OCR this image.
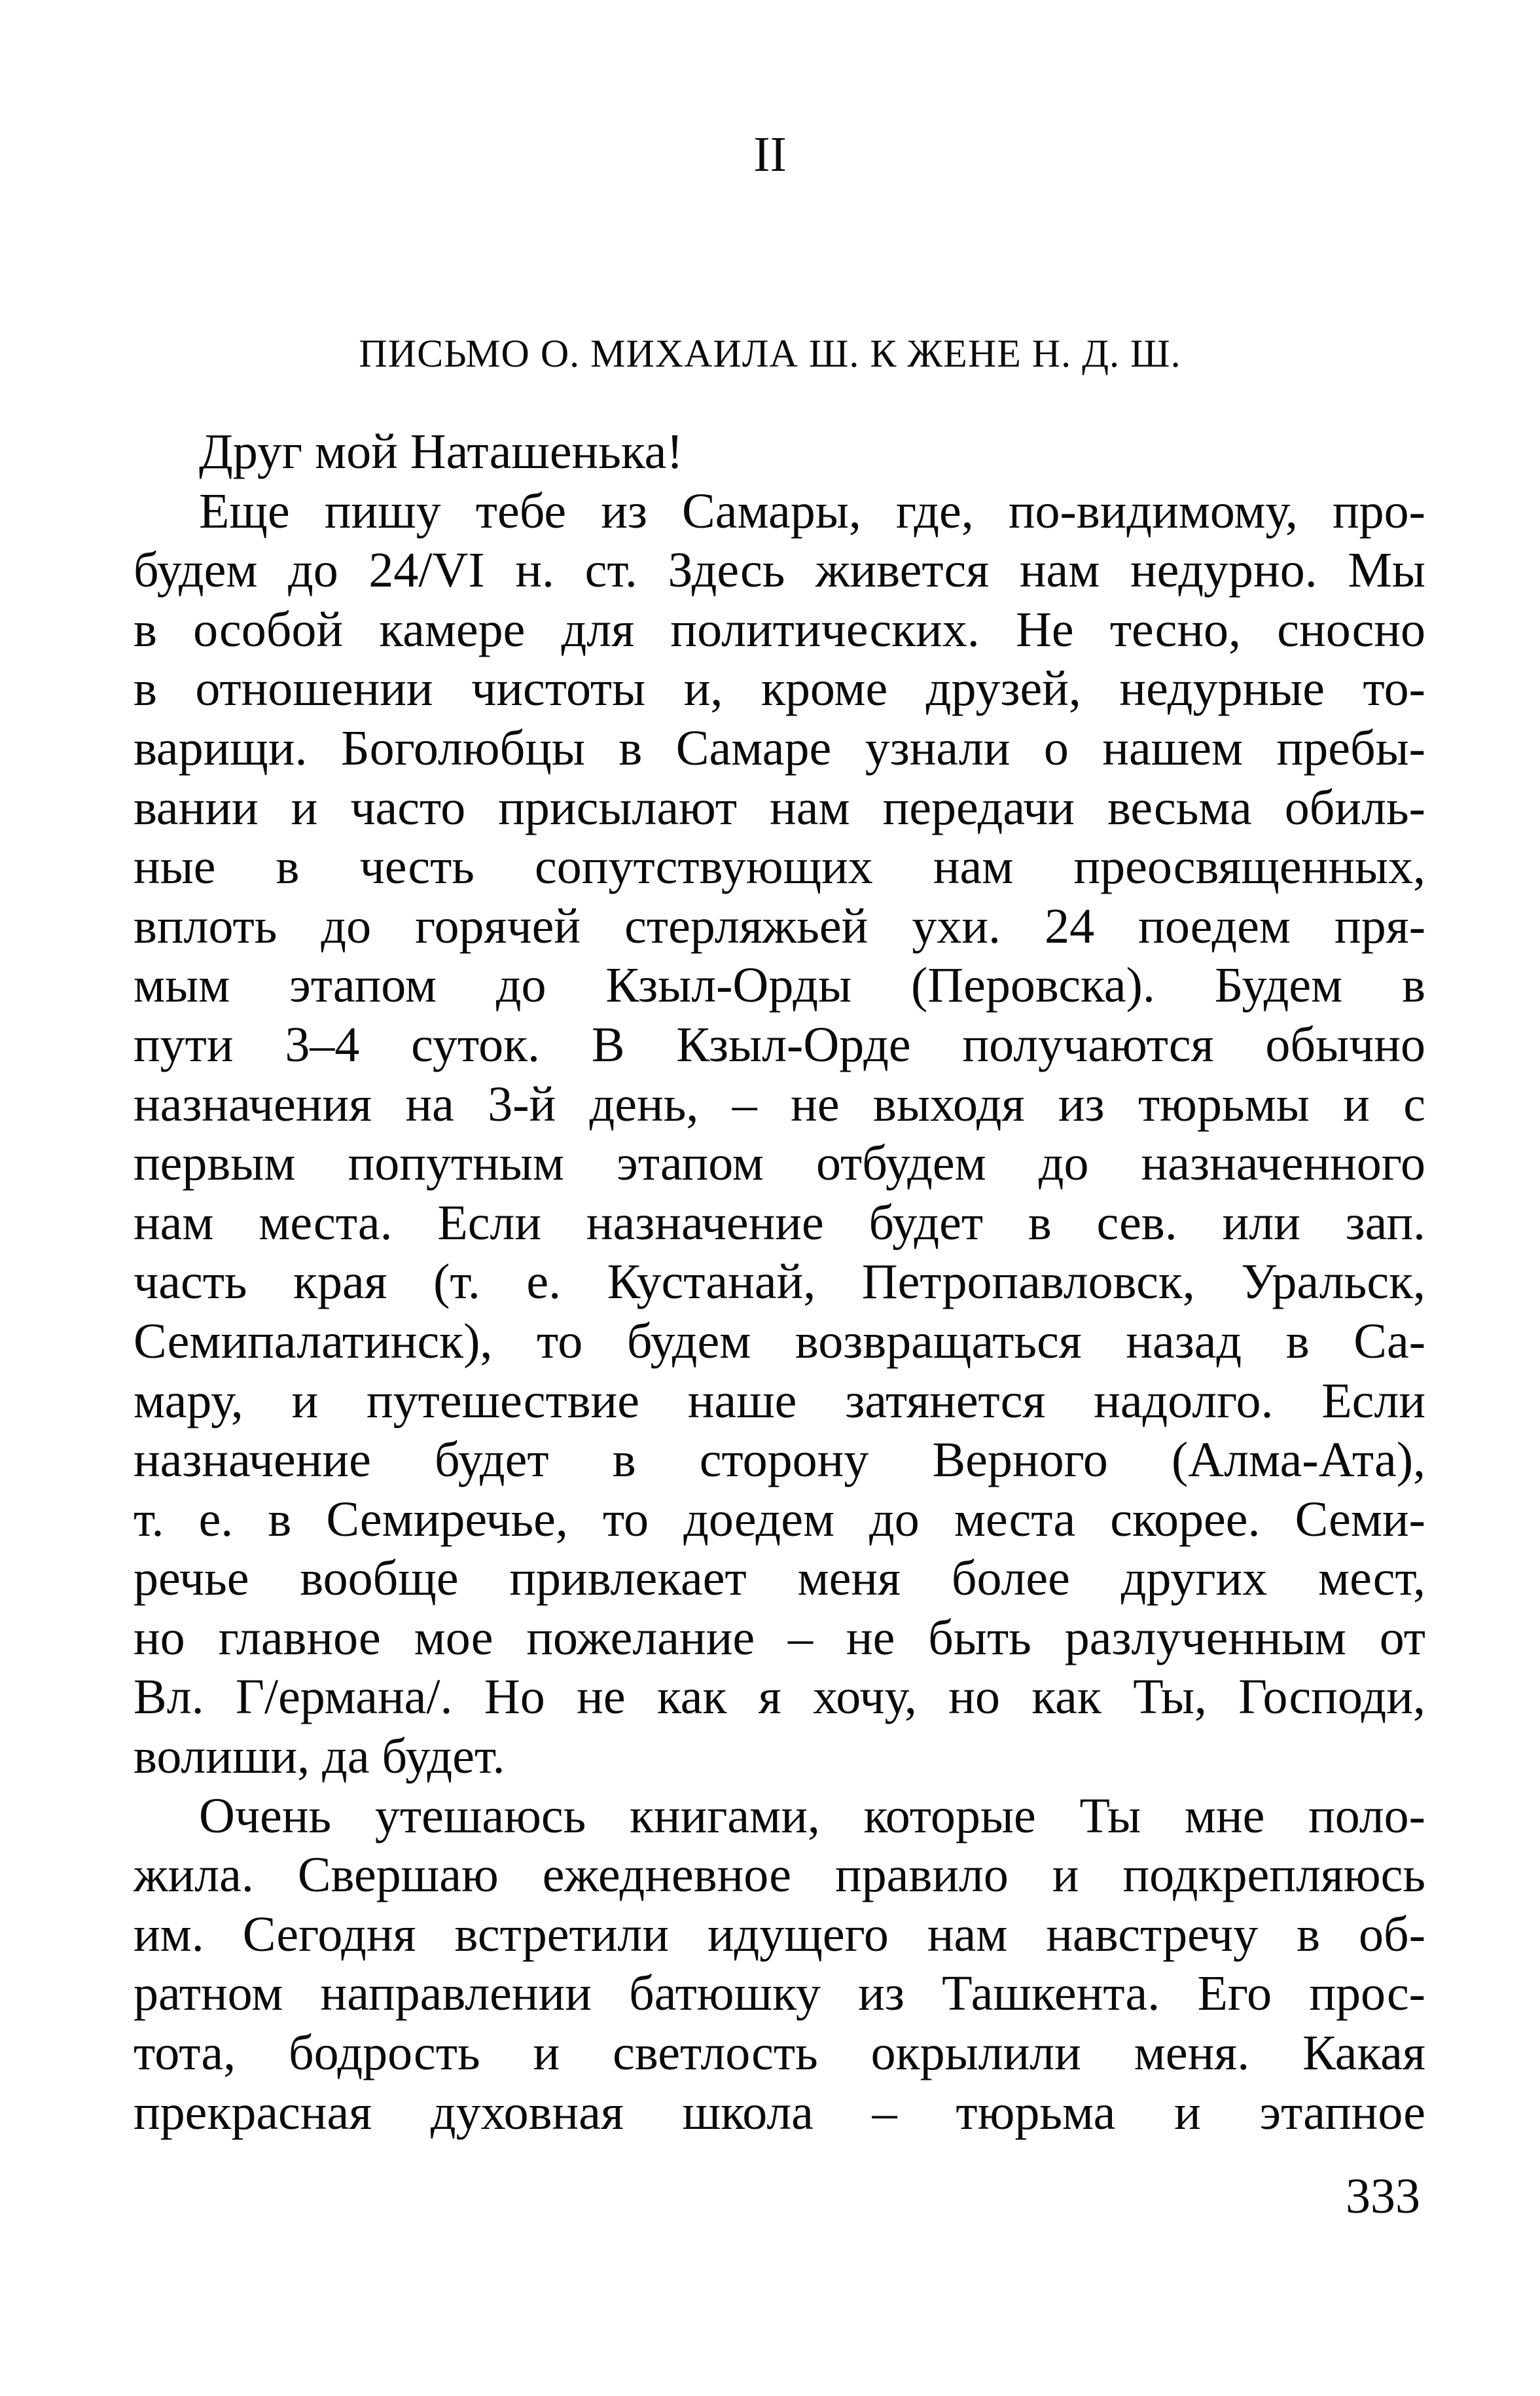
II
ПИСЬМО О. МИХАИЛА Ш. К ЖЕНЕ Н. Д. Ш.
Друг мой Наташенька!
Еще пишу тебе из Самары, где, по-видимому, про-
будем до 24/VI н. ст. Здесь живется нам недурно. Мы
в особой камере для политических. Не тесно, сносно
в отношении чистоты и, кроме друзей, недурные то-
варищи. Боголюбцы в Самаре узнали о нашем пребы-
вании и часто присылают нам передачи весьма обиль-
ные в честь сопутствующих нам преосвященных,
вплоть до горячей стерляжьей ухи. 24 поедем пря-
мым этапом до Кзыл-Орды (Перовска). Будем в
пути 3–4 суток. В Кзыл-Орде получаются обычно
назначения на 3-й день, – не выходя из тюрьмы и с
первым попутным этапом отбудем до назначенного
нам места. Если назначение будет в сев. или зап.
часть края (т. е. Кустанай, Петропавловск, Уральск,
Семипалатинск), то будем возвращаться назад в Са-
мару, и путешествие наше затянется надолго. Если
назначение будет в сторону Верного (Алма-Ата),
т. е. в Семиречье, то доедем до места скорее. Семи-
речье вообще привлекает меня более других мест,
но главное мое пожелание – не быть разлученным от
Вл. Г/ермана/. Но не как я хочу, но как Ты, Господи,
волиши, да будет.
Очень утешаюсь книгами, которые Ты мне поло-
жила. Свершаю ежедневное правило и подкрепляюсь
им. Сегодня встретили идущего нам навстречу в об-
ратном направлении батюшку из Ташкента. Его прос-
тота, бодрость и светлость окрылили меня. Какая
прекрасная духовная школа – тюрьма и этапное
333
